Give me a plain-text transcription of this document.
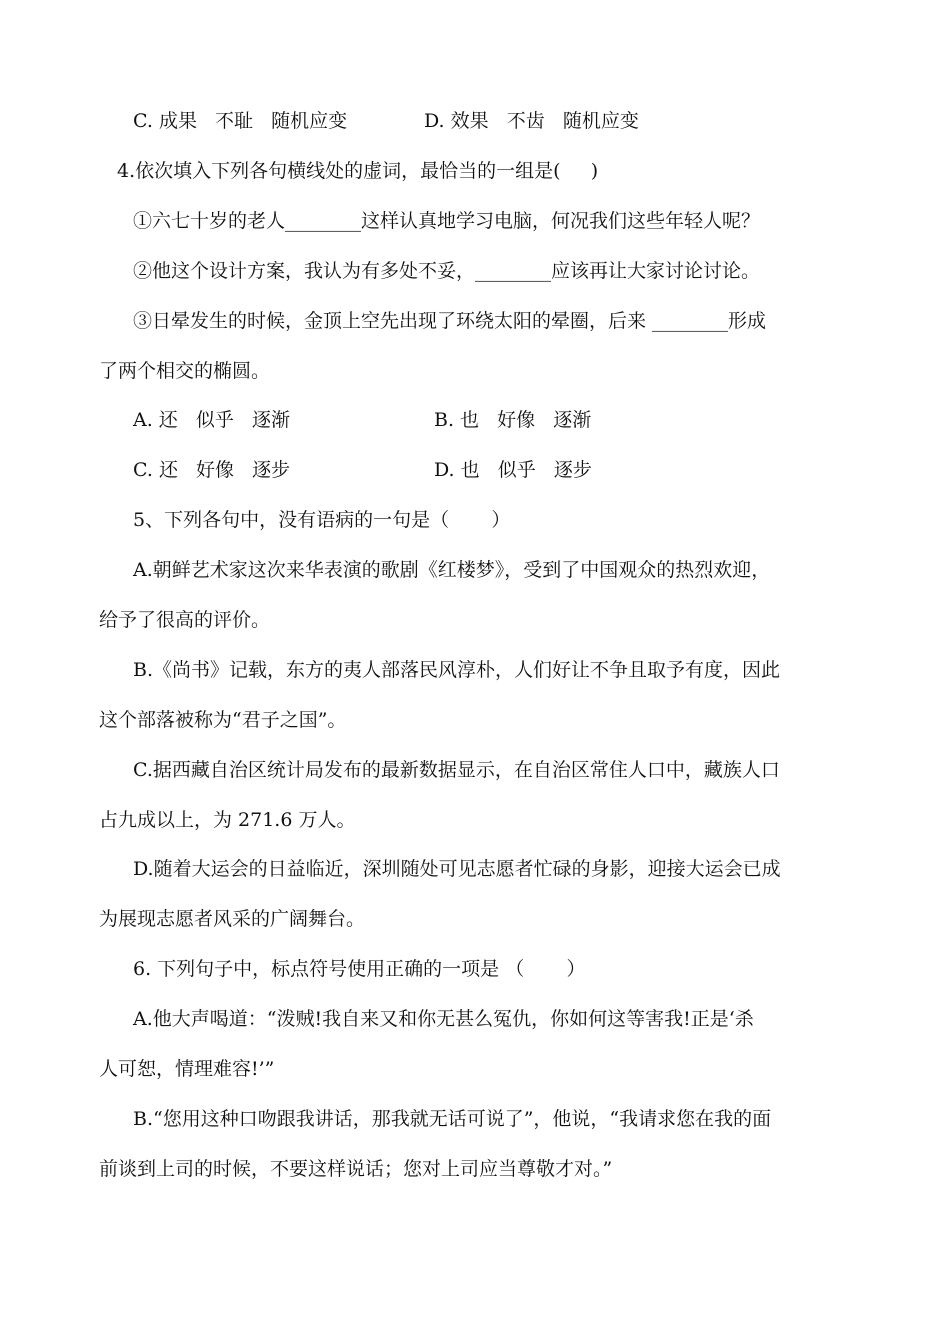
C. 成果   不耻   随机应变	D. 效果   不齿   随机应变
4.依次填入下列各句横线处的虚词，最恰当的一组是(     )
①六七十岁的老人________这样认真地学习电脑，何况我们这些年轻人呢？
②他这个设计方案，我认为有多处不妥，________应该再让大家讨论讨论。
③日晕发生的时候，金顶上空先出现了环绕太阳的晕圈，后来 ________形成
了两个相交的椭圆。
A. 还   似乎   逐渐	B. 也   好像   逐渐
C. 还   好像   逐步	D. 也   似乎   逐步
5、下列各句中，没有语病的一句是（       ）
A.朝鲜艺术家这次来华表演的歌剧《红楼梦》，受到了中国观众的热烈欢迎，
给予了很高的评价。
B.《尚书》记载，东方的夷人部落民风淳朴，人们好让不争且取予有度，因此
这个部落被称为“君子之国”。
C.据西藏自治区统计局发布的最新数据显示，在自治区常住人口中，藏族人口
占九成以上，为 271.6 万人。
D.随着大运会的日益临近，深圳随处可见志愿者忙碌的身影，迎接大运会已成
为展现志愿者风采的广阔舞台。
6. 下列句子中，标点符号使用正确的一项是 （       ）
A.他大声喝道：“泼贼!我自来又和你无甚么冤仇，你如何这等害我!正是‘杀
人可恕，情理难容!’”
B.“您用这种口吻跟我讲话，那我就无话可说了”，他说，“我请求您在我的面
前谈到上司的时候，不要这样说话；您对上司应当尊敬才对。”
